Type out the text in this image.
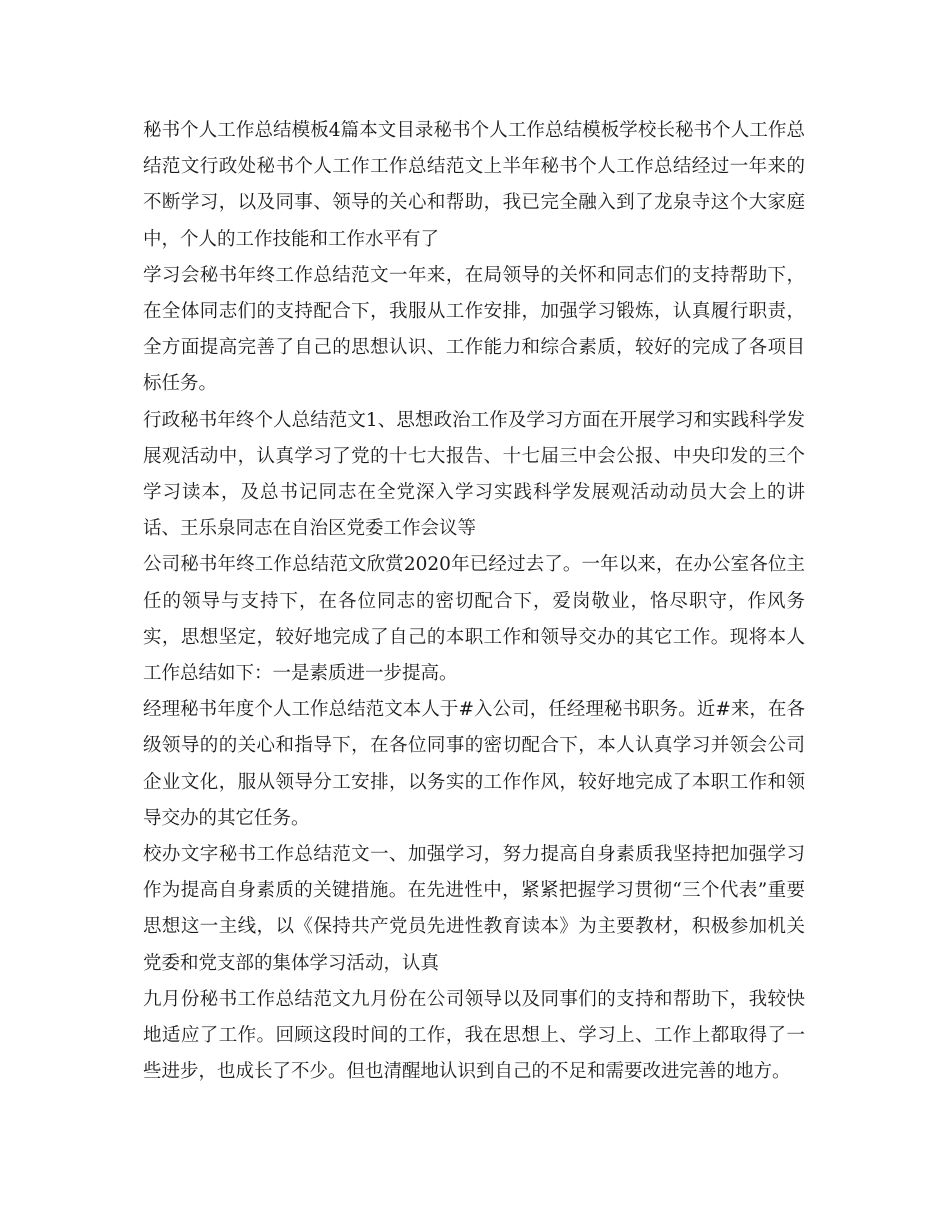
秘书个人工作总结模板4篇本文目录秘书个人工作总结模板学校长秘书个人工作总结范文行政处秘书个人工作工作总结范文上半年秘书个人工作总结经过一年来的不断学习，以及同事、领导的关心和帮助，我已完全融入到了龙泉寺这个大家庭中，个人的工作技能和工作水平有了

学习会秘书年终工作总结范文一年来，在局领导的关怀和同志们的支持帮助下，在全体同志们的支持配合下，我服从工作安排，加强学习锻炼，认真履行职责，全方面提高完善了自己的思想认识、工作能力和综合素质，较好的完成了各项目标任务。

行政秘书年终个人总结范文1、思想政治工作及学习方面在开展学习和实践科学发展观活动中，认真学习了党的十七大报告、十七届三中会公报、中央印发的三个学习读本，及总书记同志在全党深入学习实践科学发展观活动动员大会上的讲话、王乐泉同志在自治区党委工作会议等

公司秘书年终工作总结范文欣赏2020年已经过去了。一年以来，在办公室各位主任的领导与支持下，在各位同志的密切配合下，爱岗敬业，恪尽职守，作风务实，思想坚定，较好地完成了自己的本职工作和领导交办的其它工作。现将本人工作总结如下：一是素质进一步提高。

经理秘书年度个人工作总结范文本人于#入公司，任经理秘书职务。近#来，在各级领导的的关心和指导下，在各位同事的密切配合下，本人认真学习并领会公司企业文化，服从领导分工安排，以务实的工作作风，较好地完成了本职工作和领导交办的其它任务。

校办文字秘书工作总结范文一、加强学习，努力提高自身素质我坚持把加强学习作为提高自身素质的关键措施。在先进性中，紧紧把握学习贯彻“三个代表”重要思想这一主线，以《保持共产党员先进性教育读本》为主要教材，积极参加机关党委和党支部的集体学习活动，认真

九月份秘书工作总结范文九月份在公司领导以及同事们的支持和帮助下，我较快地适应了工作。回顾这段时间的工作，我在思想上、学习上、工作上都取得了一些进步，也成长了不少。但也清醒地认识到自己的不足和需要改进完善的地方。
